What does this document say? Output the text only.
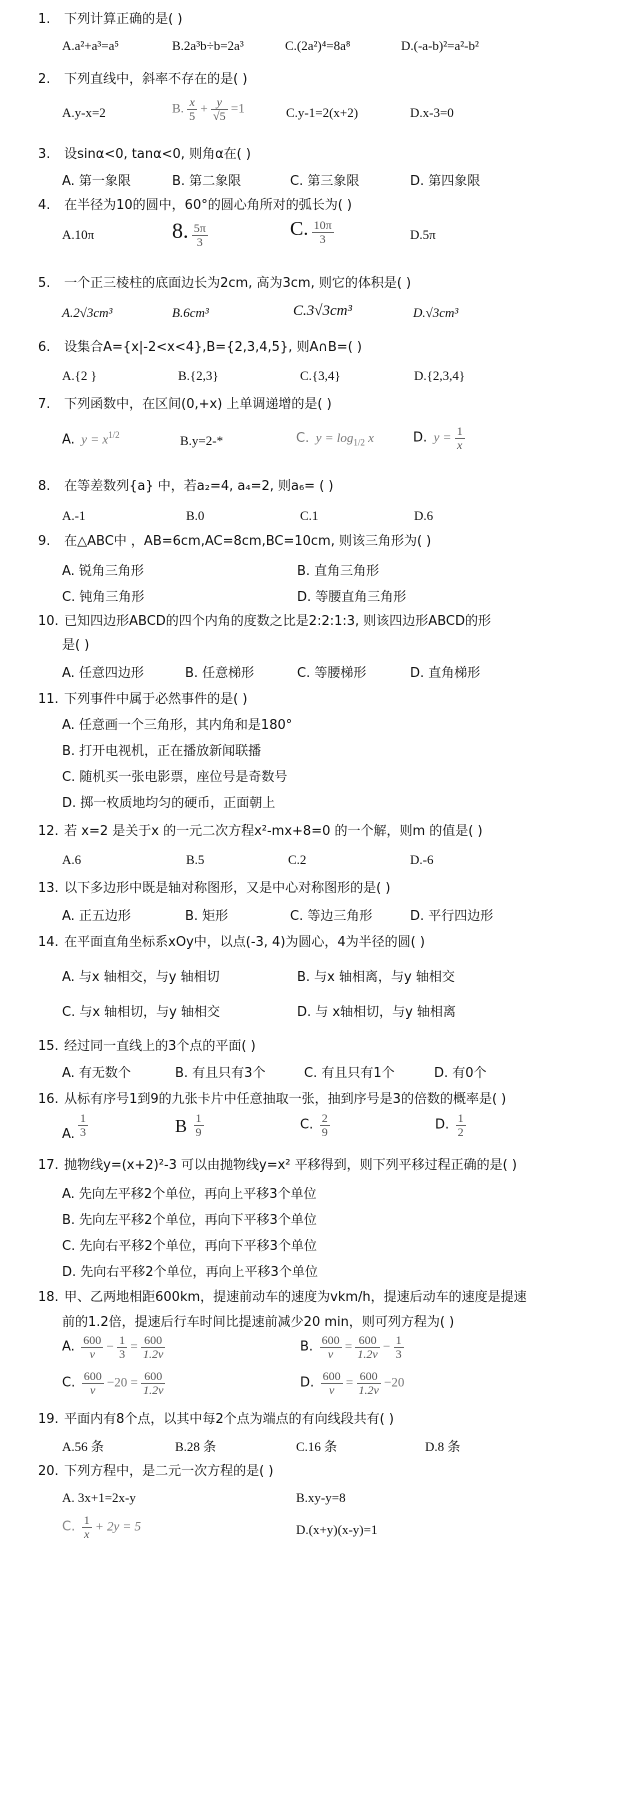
1. 下列计算正确的是( )
A.a²+a³=a⁵	B.2a³b÷b=2a³	C.(2a²)⁴=8a⁸	D.(-a-b)²=a²-b²
2. 下列直线中，斜率不存在的是( )
A.y-x=2	B. $\frac{x}{5} + \frac{y}{√5} =1$	C.y-1=2(x+2)	D.x-3=0
3. 设sinα<0, tanα<0, 则角α在( )
A. 第一象限	B. 第二象限	C. 第三象限	D. 第四象限
4. 在半径为10的圆中，60°的圆心角所对的弧长为( )
A.10π	8. $\frac{5\pi}{3}$	C. $\frac{10\pi}{3}$	D.5π
5. 一个正三棱柱的底面边长为2cm, 高为3cm, 则它的体积是( )
A.2√3cm³	B.6cm³	C.3√3cm³	D.√3cm³
6. 设集合A={x|-2<x<4},B={2,3,4,5}, 则A∩B=( )
A.{2 }	B.{2,3}	C.{3,4}	D.{2,3,4}
7. 下列函数中，在区间(0,+x) 上单调递增的是( )
A. $y = x^{1/2}$	B.y=2-*	C. $y = \log_{1/2} x$	D. $y = \frac{1}{x}$
8. 在等差数列{a} 中，若a₂=4, a₄=2, 则a₆= ( )
A.-1	B.0	C.1	D.6
9. 在△ABC中 ，AB=6cm,AC=8cm,BC=10cm, 则该三角形为( )
A. 锐角三角形	B. 直角三角形
C. 钝角三角形	D. 等腰直角三角形
10. 已知四边形ABCD的四个内角的度数之比是2:2:1:3, 则该四边形ABCD的形
是( )
A. 任意四边形	B. 任意梯形	C. 等腰梯形	D. 直角梯形
11. 下列事件中属于必然事件的是( )
A. 任意画一个三角形，其内角和是180°
B. 打开电视机，正在播放新闻联播
C. 随机买一张电影票，座位号是奇数号
D. 掷一枚质地均匀的硬币，正面朝上
12. 若 x=2 是关于x 的一元二次方程x²-mx+8=0 的一个解，则m 的值是( )
A.6	B.5	C.2	D.-6
13. 以下多边形中既是轴对称图形，又是中心对称图形的是( )
A. 正五边形	B. 矩形	C. 等边三角形	D. 平行四边形
14. 在平面直角坐标系xOy中，以点(-3, 4)为圆心，4为半径的圆( )
A. 与x 轴相交，与y 轴相切	B. 与x 轴相离，与y 轴相交
C. 与x 轴相切，与y 轴相交	D. 与 x轴相切，与y 轴相离
15. 经过同一直线上的3个点的平面( )
A. 有无数个	B. 有且只有3个	C. 有且只有1个	D. 有0个
16. 从标有序号1到9的九张卡片中任意抽取一张，抽到序号是3的倍数的概率是( )
A. $\frac{1}{3}$	B $\frac{1}{9}$	C. $\frac{2}{9}$	D. $\frac{1}{2}$
17. 抛物线y=(x+2)²-3 可以由抛物线y=x² 平移得到，则下列平移过程正确的是( )
A. 先向左平移2个单位，再向上平移3个单位
B. 先向左平移2个单位，再向下平移3个单位
C. 先向右平移2个单位，再向下平移3个单位
D. 先向右平移2个单位，再向上平移3个单位
18. 甲、乙两地相距600km，提速前动车的速度为vkm/h，提速后动车的速度是提速
前的1.2倍，提速后行车时间比提速前减少20 min，则可列方程为( )
A. $\frac{600}{v} - \frac{1}{3} = \frac{600}{1.2v}$	B. $\frac{600}{v} = \frac{600}{1.2v} - \frac{1}{3}$
C. $\frac{600}{v} -20 = \frac{600}{1.2v}$	D. $\frac{600}{v} = \frac{600}{1.2v} -20$
19. 平面内有8个点，以其中每2个点为端点的有向线段共有( )
A.56 条	B.28 条	C.16 条	D.8 条
20. 下列方程中，是二元一次方程的是( )
A. 3x+1=2x-y	B.xy-y=8
C. $\frac{1}{x} + 2y = 5$	D.(x+y)(x-y)=1
